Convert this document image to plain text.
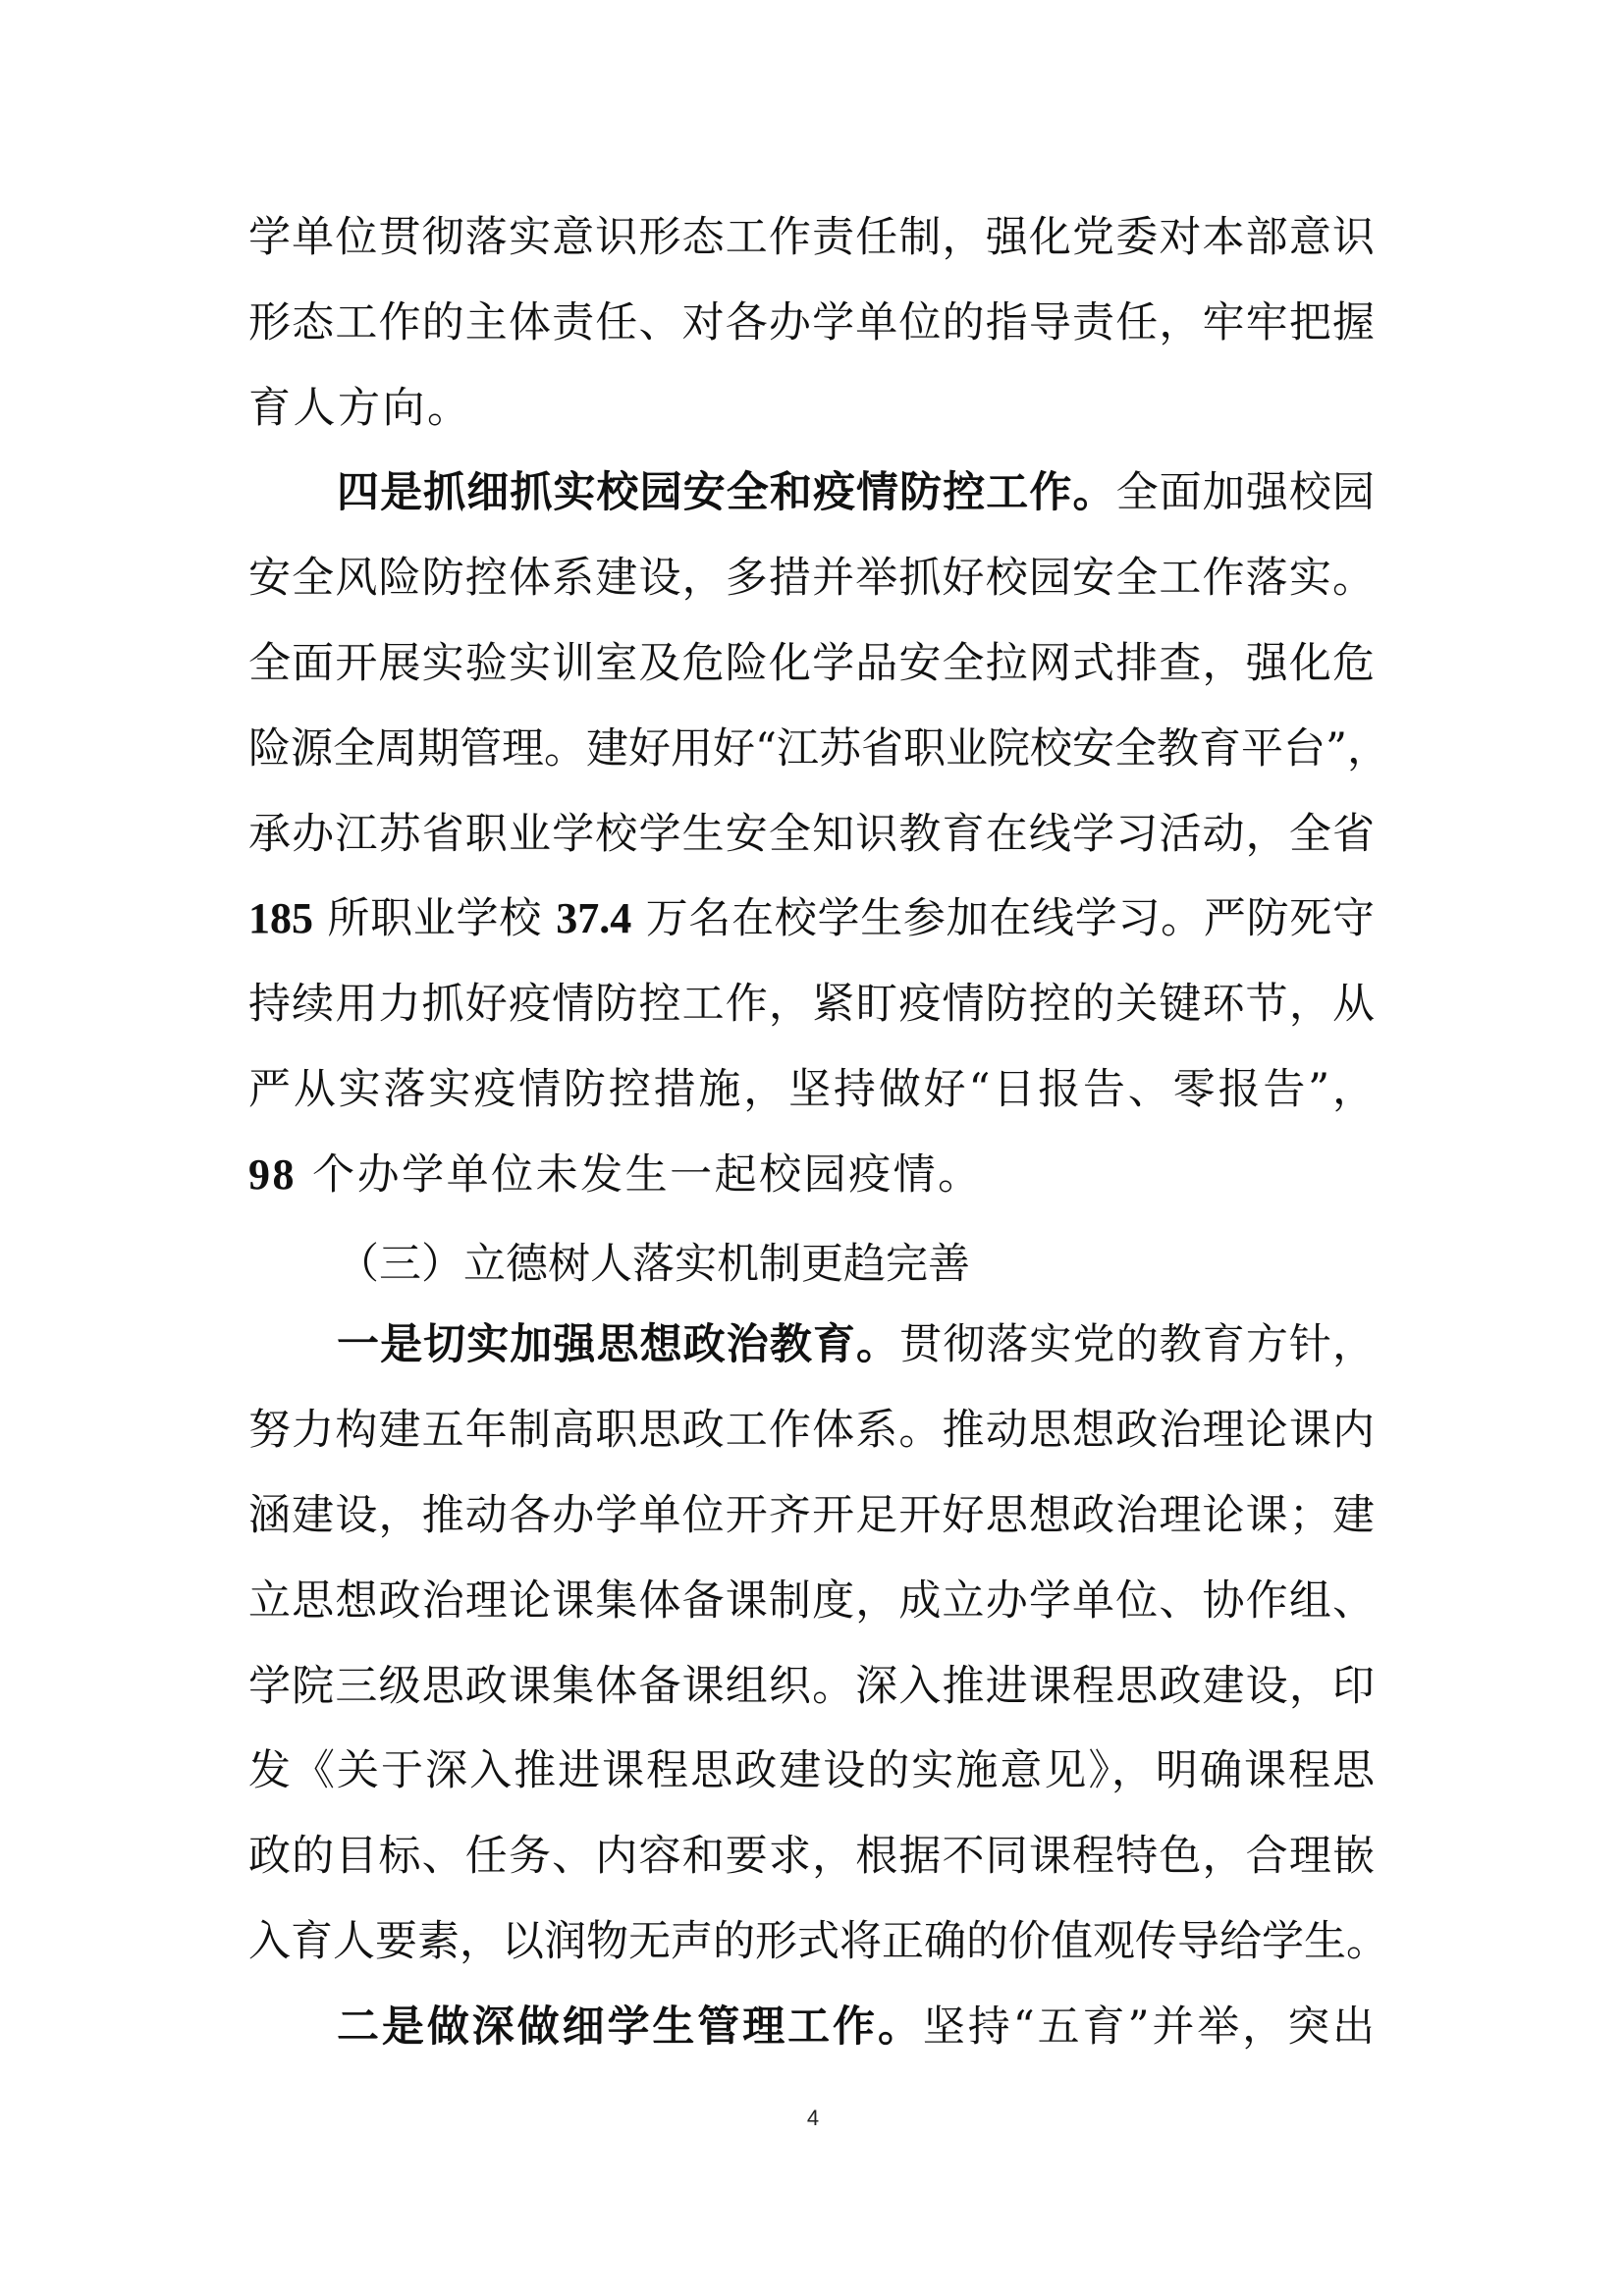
学单位贯彻落实意识形态工作责任制，强化党委对本部意识
形态工作的主体责任、对各办学单位的指导责任，牢牢把握
育人方向。
四是抓细抓实校园安全和疫情防控工作。全面加强校园
安全风险防控体系建设，多措并举抓好校园安全工作落实。
全面开展实验实训室及危险化学品安全拉网式排查，强化危
险源全周期管理。建好用好“江苏省职业院校安全教育平台”，
承办江苏省职业学校学生安全知识教育在线学习活动，全省
185 所职业学校 37.4 万名在校学生参加在线学习。严防死守
持续用力抓好疫情防控工作，紧盯疫情防控的关键环节，从
严从实落实疫情防控措施，坚持做好“日报告、零报告”，
98 个办学单位未发生一起校园疫情。
（三）立德树人落实机制更趋完善
一是切实加强思想政治教育。贯彻落实党的教育方针，
努力构建五年制高职思政工作体系。推动思想政治理论课内
涵建设，推动各办学单位开齐开足开好思想政治理论课；建
立思想政治理论课集体备课制度，成立办学单位、协作组、
学院三级思政课集体备课组织。深入推进课程思政建设，印
发《关于深入推进课程思政建设的实施意见》，明确课程思
政的目标、任务、内容和要求，根据不同课程特色，合理嵌
入育人要素，以润物无声的形式将正确的价值观传导给学生。
二是做深做细学生管理工作。坚持“五育”并举，突出
4
